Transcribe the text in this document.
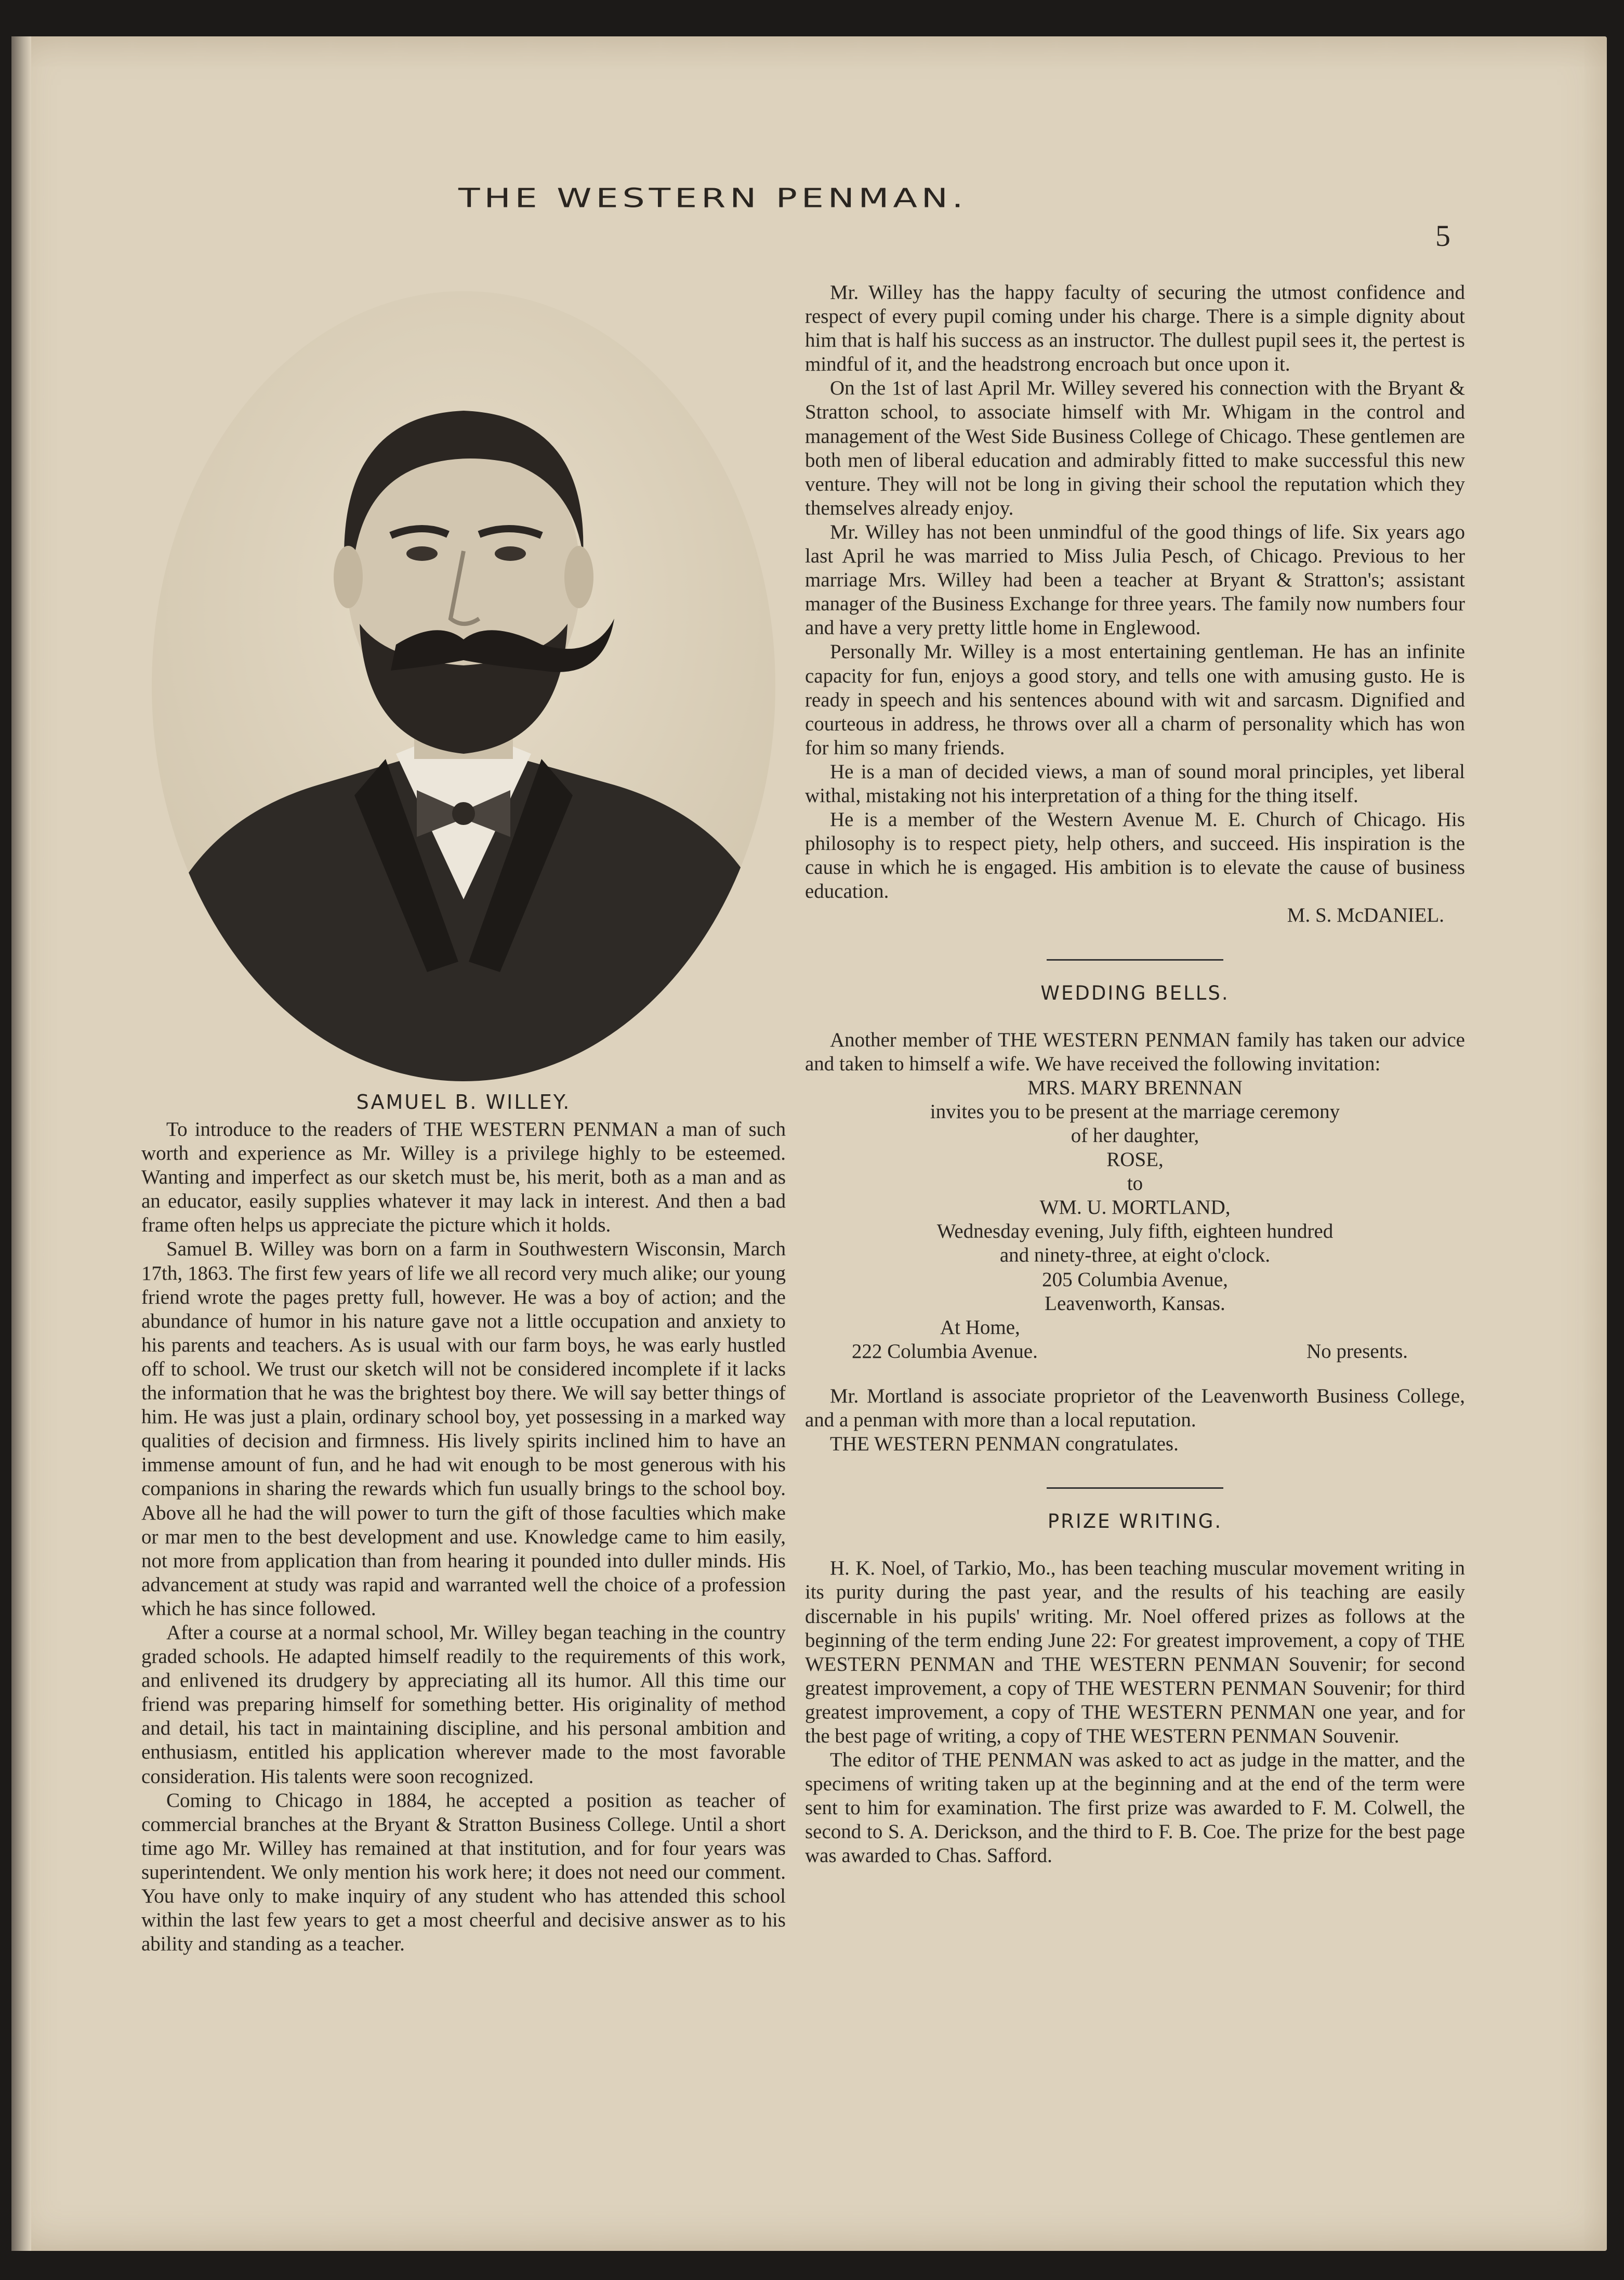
THE WESTERN PENMAN.
5
SAMUEL B. WILLEY.

To introduce to the readers of THE WESTERN PENMAN a man of such worth and experience as Mr. Willey is a privilege highly to be esteemed. Wanting and imperfect as our sketch must be, his merit, both as a man and as an educator, easily supplies whatever it may lack in interest. And then a bad frame often helps us appreciate the picture which it holds.

Samuel B. Willey was born on a farm in Southwestern Wisconsin, March 17th, 1863. The first few years of life we all record very much alike; our young friend wrote the pages pretty full, however. He was a boy of action; and the abundance of humor in his nature gave not a little occupation and anxiety to his parents and teachers. As is usual with our farm boys, he was early hustled off to school. We trust our sketch will not be considered incomplete if it lacks the information that he was the brightest boy there. We will say better things of him. He was just a plain, ordinary school boy, yet possessing in a marked way qualities of decision and firmness. His lively spirits inclined him to have an immense amount of fun, and he had wit enough to be most generous with his companions in sharing the rewards which fun usually brings to the school boy. Above all he had the will power to turn the gift of those faculties which make or mar men to the best development and use. Knowledge came to him easily, not more from application than from hearing it pounded into duller minds. His advancement at study was rapid and warranted well the choice of a profession which he has since followed.

After a course at a normal school, Mr. Willey began teaching in the country graded schools. He adapted himself readily to the requirements of this work, and enlivened its drudgery by appreciating all its humor. All this time our friend was preparing himself for something better. His originality of method and detail, his tact in maintaining discipline, and his personal ambition and enthusiasm, entitled his application wherever made to the most favorable consideration. His talents were soon recognized.

Coming to Chicago in 1884, he accepted a position as teacher of commercial branches at the Bryant & Stratton Business College. Until a short time ago Mr. Willey has remained at that institution, and for four years was superintendent. We only mention his work here; it does not need our comment. You have only to make inquiry of any student who has attended this school within the last few years to get a most cheerful and decisive answer as to his ability and standing as a teacher.

Mr. Willey has the happy faculty of securing the utmost confidence and respect of every pupil coming under his charge. There is a simple dignity about him that is half his success as an instructor. The dullest pupil sees it, the pertest is mindful of it, and the headstrong encroach but once upon it.

On the 1st of last April Mr. Willey severed his connection with the Bryant & Stratton school, to associate himself with Mr. Whigam in the control and management of the West Side Business College of Chicago. These gentlemen are both men of liberal education and admirably fitted to make successful this new venture. They will not be long in giving their school the reputation which they themselves already enjoy.

Mr. Willey has not been unmindful of the good things of life. Six years ago last April he was married to Miss Julia Pesch, of Chicago. Previous to her marriage Mrs. Willey had been a teacher at Bryant & Stratton's; assistant manager of the Business Exchange for three years. The family now numbers four and have a very pretty little home in Englewood.

Personally Mr. Willey is a most entertaining gentleman. He has an infinite capacity for fun, enjoys a good story, and tells one with amusing gusto. He is ready in speech and his sentences abound with wit and sarcasm. Dignified and courteous in address, he throws over all a charm of personality which has won for him so many friends.

He is a man of decided views, a man of sound moral principles, yet liberal withal, mistaking not his interpretation of a thing for the thing itself.

He is a member of the Western Avenue M. E. Church of Chicago. His philosophy is to respect piety, help others, and succeed. His inspiration is the cause in which he is engaged. His ambition is to elevate the cause of business education.

M. S. McDANIEL.
WEDDING BELLS.

Another member of THE WESTERN PENMAN family has taken our advice and taken to himself a wife. We have received the following invitation:

MRS. MARY BRENNAN
invites you to be present at the marriage ceremony
of her daughter,
ROSE,
to
WM. U. MORTLAND,
Wednesday evening, July fifth, eighteen hundred
and ninety-three, at eight o'clock.
205 Columbia Avenue,
Leavenworth, Kansas.
At Home,
222 Columbia Avenue.	No presents.

Mr. Mortland is associate proprietor of the Leavenworth Business College, and a penman with more than a local reputation.

THE WESTERN PENMAN congratulates.

PRIZE WRITING.

H. K. Noel, of Tarkio, Mo., has been teaching muscular movement writing in its purity during the past year, and the results of his teaching are easily discernable in his pupils' writing. Mr. Noel offered prizes as follows at the beginning of the term ending June 22: For greatest improvement, a copy of THE WESTERN PENMAN and THE WESTERN PENMAN Souvenir; for second greatest improvement, a copy of THE WESTERN PENMAN Souvenir; for third greatest improvement, a copy of THE WESTERN PENMAN one year, and for the best page of writing, a copy of THE WESTERN PENMAN Souvenir.

The editor of THE PENMAN was asked to act as judge in the matter, and the specimens of writing taken up at the beginning and at the end of the term were sent to him for examination. The first prize was awarded to F. M. Colwell, the second to S. A. Derickson, and the third to F. B. Coe. The prize for the best page was awarded to Chas. Safford.
